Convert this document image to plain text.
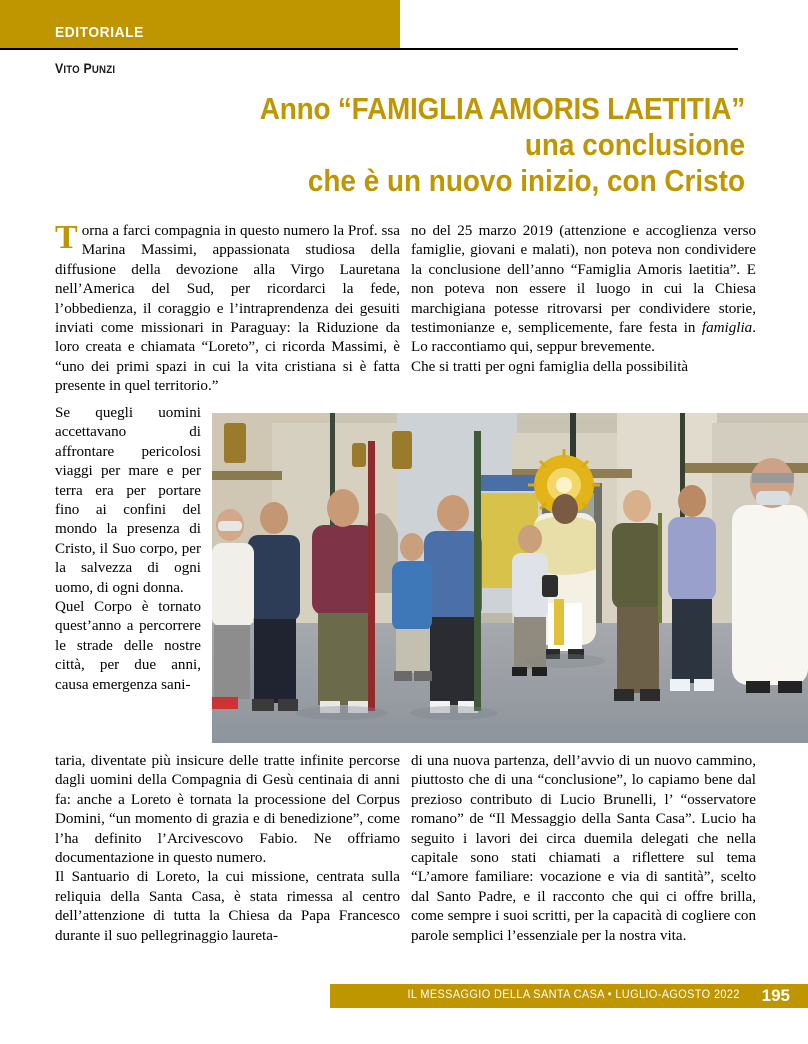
EDITORIALE
VITO PUNZI
Anno “FAMIGLIA AMORIS LAETITIA”
una conclusione
che è un nuovo inizio, con Cristo

Torna a farci compagnia in questo numero la Prof. ssa Marina Massimi, appassionata studiosa della diffusione della devozione alla Virgo Lauretana nell’America del Sud, per ricordarci la fede, l’obbedienza, il coraggio e l’intraprendenza dei gesuiti inviati come missionari in Paraguay: la Riduzione da loro creata e chiamata “Loreto”, ci ricorda Massimi, è “uno dei primi spazi in cui la vita cristiana si è fatta presente in quel territorio.”

no del 25 marzo 2019 (attenzione e accoglienza verso famiglie, giovani e malati), non poteva non condividere la conclusione dell’anno “Famiglia Amoris laetitia”. E non poteva non essere il luogo in cui la Chiesa marchigiana potesse ritrovarsi per condividere storie, testimonianze e, semplicemente, fare festa in famiglia. Lo raccontiamo qui, seppur brevemente.

Che si tratti per ogni famiglia della possibilità

Se quegli uomini accettavano di affrontare pericolosi viaggi per mare e per terra era per portare fino ai confini del mondo la presenza di Cristo, il Suo corpo, per la salvezza di ogni uomo, di ogni donna.

Quel Corpo è tornato quest’anno a percorrere le strade delle nostre città, per due anni, causa emergenza sani-

taria, diventate più insicure delle tratte infinite percorse dagli uomini della Compagnia di Gesù centinaia di anni fa: anche a Loreto è tornata la processione del Corpus Domini, “un momento di grazia e di benedizione”, come l’ha definito l’Arcivescovo Fabio. Ne offriamo documentazione in questo numero.

Il Santuario di Loreto, la cui missione, centrata sulla reliquia della Santa Casa, è stata rimessa al centro dell’attenzione di tutta la Chiesa da Papa Francesco durante il suo pellegrinaggio laureta-

di una nuova partenza, dell’avvio di un nuovo cammino, piuttosto che di una “conclusione”, lo capiamo bene dal prezioso contributo di Lucio Brunelli, l’ “osservatore romano” de “Il Messaggio della Santa Casa”. Lucio ha seguito i lavori dei circa duemila delegati che nella capitale sono stati chiamati a riflettere sul tema “L’amore familiare: vocazione e via di santità”, scelto dal Santo Padre, e il racconto che qui ci offre brilla, come sempre i suoi scritti, per la capacità di cogliere con parole semplici l’essenziale per la nostra vita.

IL MESSAGGIO DELLA SANTA CASA • LUGLIO-AGOSTO 2022 195
